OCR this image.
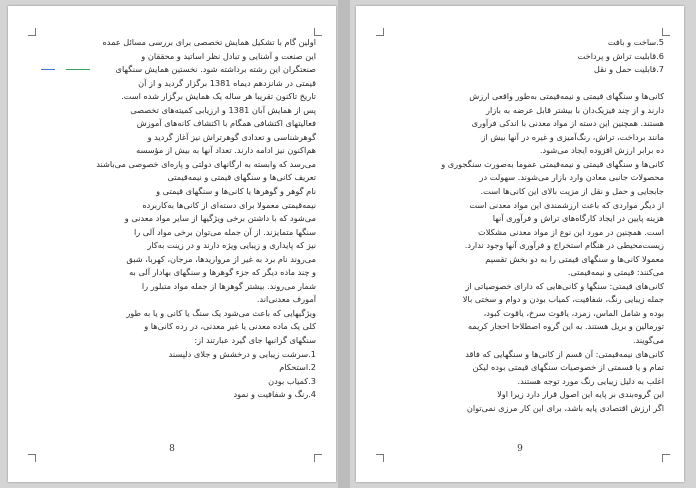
اولین گام با تشکیل همایش تخصصی برای بررسی مسائل عمده
این صنعت و آشنایی و تبادل نظر اساتید و محققان و
صنعتگران این رشته برداشته شود. نخستین همایش سنگهای
قیمتی در شانزدهم دیماه 1381 برگزار گردید و از آن
تاریخ تاکنون تقریبا هر ساله یک همایش برگزار شده است.
پس از همایش آبان 1381 و ارزیابی کمیته‌های تخصصی
فعالیتهای اکتشافی همگام با اکتشاف کانه‌های آموزش
گوهرشناسی و تعدادی گوهرتراش نیز آغاز گردید و
هم‌اکنون نیز ادامه دارند. تعداد آنها به بیش از مؤسسه
می‌رسد که وابسته به ارگانهای دولتی و پاره‌ای خصوصی می‌باشند
تعریف کانی‌ها و سنگهای قیمتی و نیمه‌قیمتی
نام گوهر و گوهرها یا کانی‌ها و سنگهای قیمتی و
نیمه‌قیمتی معمولا برای دسته‌ای از کانی‌ها به‌کاربرده
می‌شود که با داشتن برخی ویژگیها از سایر مواد معدنی و
سنگها متمایزند. از آن جمله می‌توان برخی مواد آلی را
نیز که پایداری و زیبایی ویژه دارند و در زینت به‌کار
می‌روند نام برد به غیر از مرواریدها، مرجان، کهربا، شبق
و چند ماده دیگر که جزء گوهرها و سنگهای بهادار آلی به
شمار می‌روند. بیشتر گوهرها از جمله مواد متبلور را
آمورف معدنی‌اند.
ویژگیهایی که باعث می‌شود یک سنگ یا کانی و یا به طور
کلی یک ماده معدنی یا غیر معدنی، در رده کانی‌ها و
سنگهای گرانبها جای گیرد عبارتند از:
1.سرشت زیبایی و درخشش و جلای دلپسند
2.استحکام
3.کمیاب بودن
4.رنگ و شفافیت و نمود
8
5.ساخت و بافت
6.قابلیت تراش و پرداخت
7.قابلیت حمل و نقل
کانی‌ها و سنگهای قیمتی و نیمه‌قیمتی به‌طور واقعی ارزش
دارند و از چند فیزیک‌دان با بیشتر قابل عرضه به بازار
هستند. همچنین این دسته از مواد معدنی با اندکی فرآوری
مانند برداخت، تراش، رنگ‌آمیزی و غیره در آنها بیش از
ده برابر ارزش افزوده ایجاد می‌شود.
کانی‌ها و سنگهای قیمتی و نیمه‌قیمتی عموما به‌صورت سنگجوری و
محصولات جانبی معادن وارد بازار می‌شوند. سهولت در
جابجایی و حمل و نقل از مزیت بالای این کانی‌ها است.
از دیگر مواردی که باعث ارزشمندی این مواد معدنی است
هزینه پایین در ایجاد کارگاه‌های تراش و فرآوری آنها
است. همچنین در مورد این نوع از مواد معدنی مشکلات
زیست‌محیطی در هنگام استخراج و فرآوری آنها وجود ندارد.
معمولا کانی‌ها و سنگهای قیمتی را به دو بخش تقسیم
می‌کنند: قیمتی و نیمه‌قیمتی.
کانی‌های قیمتی: سنگها و کانی‌هایی که دارای خصوصیاتی از
جمله زیبایی رنگ، شفافیت، کمیاب بودن و دوام و سختی بالا
بوده و شامل الماس، زمرد، یاقوت سرخ، یاقوت کبود،
تورمالین و بریل هستند. به این گروه اصطلاحا احجار کریمه
می‌گویند.
کانی‌های نیمه‌قیمتی: آن قسم از کانی‌ها و سنگهایی که فاقد
تمام و یا قسمتی از خصوصیات سنگهای قیمتی بوده لیکن
اغلب به دلیل زیبایی رنگ مورد توجه هستند.
این گروه‌بندی بر پایه این اصول قرار دارد زیرا اولا
اگر ارزش اقتصادی پایه باشد، برای این کار مرزی نمی‌توان
9
